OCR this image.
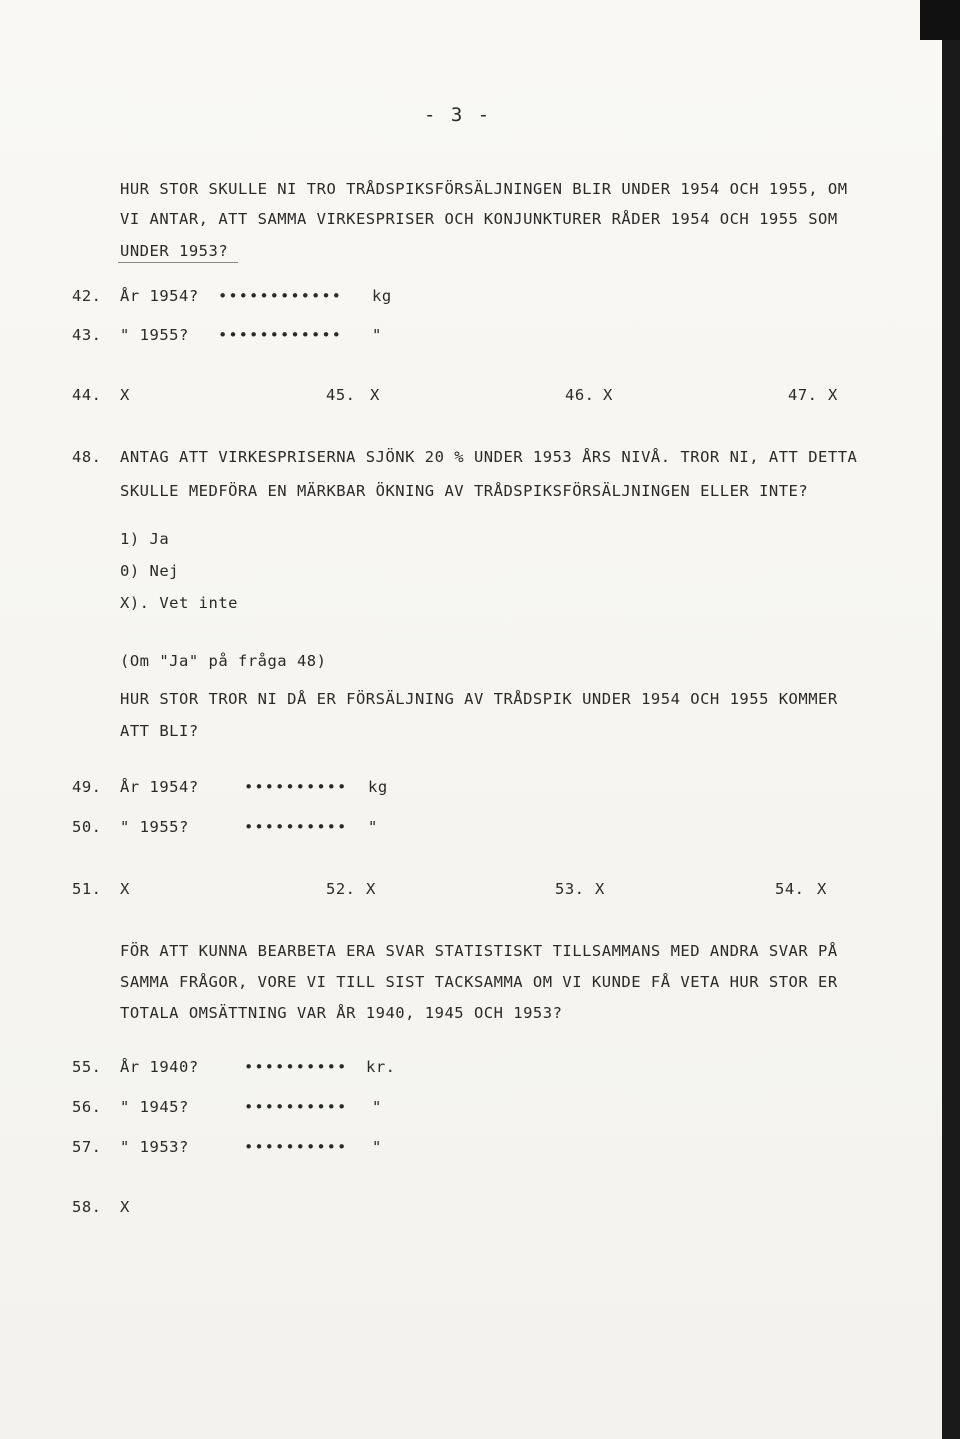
- 3 -
HUR STOR SKULLE NI TRO TRÅDSPIKSFÖRSÄLJNINGEN BLIR UNDER 1954 OCH 1955, OM
VI ANTAR, ATT SAMMA VIRKESPRISER OCH KONJUNKTURER RÅDER 1954 OCH 1955 SOM
UNDER 1953?
42. År 1954? •••••••••••• kg
43. " 1955? •••••••••••• "
44. X	45. X	46. X	47. X
48. ANTAG ATT VIRKESPRISERNA SJÖNK 20 % UNDER 1953 ÅRS NIVÅ. TROR NI, ATT DETTA
SKULLE MEDFÖRA EN MÄRKBAR ÖKNING AV TRÅDSPIKSFÖRSÄLJNINGEN ELLER INTE?
1) Ja
0) Nej
X). Vet inte
(Om "Ja" på fråga 48)
HUR STOR TROR NI DÅ ER FÖRSÄLJNING AV TRÅDSPIK UNDER 1954 OCH 1955 KOMMER
ATT BLI?
49. År 1954?	•••••••••• kg
50. " 1955?	•••••••••• "
51. X	52. X	53. X	54. X
FÖR ATT KUNNA BEARBETA ERA SVAR STATISTISKT TILLSAMMANS MED ANDRA SVAR PÅ
SAMMA FRÅGOR, VORE VI TILL SIST TACKSAMMA OM VI KUNDE FÅ VETA HUR STOR ER
TOTALA OMSÄTTNING VAR ÅR 1940, 1945 OCH 1953?
55. År 1940?	•••••••••• kr.
56. " 1945?	•••••••••• "
57. " 1953?	•••••••••• "
58. X
